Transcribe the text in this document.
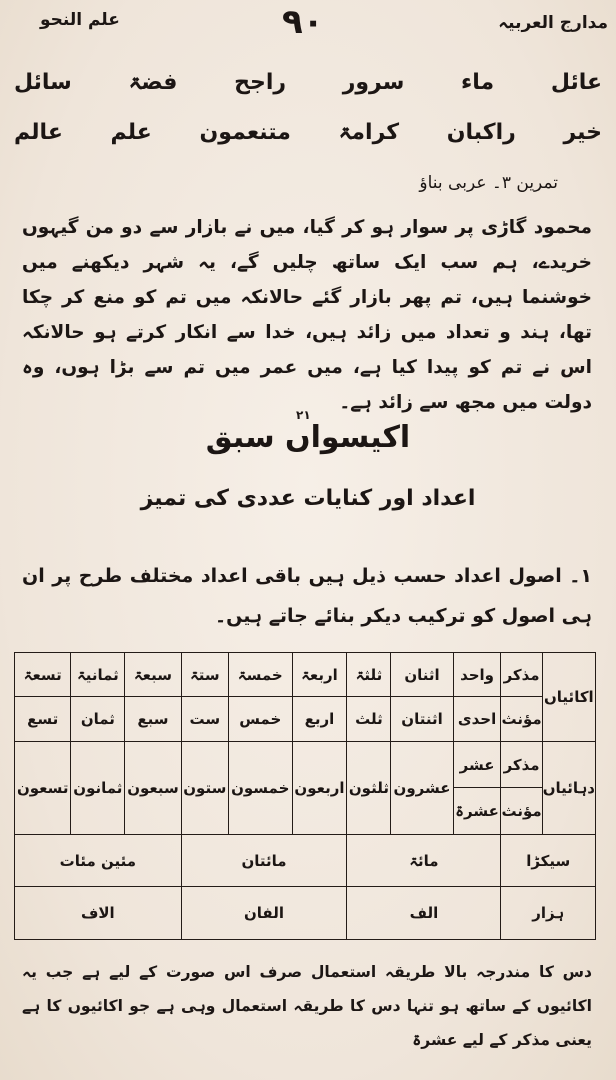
مدارج العربیہ
۹۰
علم النحو
عائل
ماء
سرور
راجح
فضۃ
سائل
خیر
راکبان
کرامۃ
متنعمون
علم
عالم
تمرین ۳۔ عربی بناؤ
محمود گاڑی پر سوار ہو کر گیا، میں نے بازار سے دو من گیہوں خریدے، ہم سب ایک ساتھ چلیں گے، یہ شہر دیکھنے میں خوشنما ہیں، تم پھر بازار گئے حالانکہ میں تم کو منع کر چکا تھا، ہند و تعداد میں زائد ہیں، خدا سے انکار کرتے ہو حالانکہ اس نے تم کو پیدا کیا ہے، میں عمر میں تم سے بڑا ہوں، وہ دولت میں مجھ سے زائد ہے۔
۲۱
اکیسواں سبق
اعداد اور کنایات عددی کی تمیز
۱۔ اصول اعداد حسب ذیل ہیں باقی اعداد مختلف طرح پر ان ہی اصول کو ترکیب دیکر بنائے جاتے ہیں۔
اکائیاں	مذکر	واحد	اثنان	ثلثۃ	اربعۃ	خمسۃ	ستۃ	سبعۃ	ثمانیۃ	تسعۃ
	مؤنث	احدی	اثنتان	ثلث	اربع	خمس	ست	سبع	ثمان	تسع
دہائیاں	مذکر	عشر	عشرون	ثلثون	اربعون	خمسون	ستون	سبعون	ثمانون	تسعون
	مؤنث	عشرۃ								
سیکڑا		مائۃ			مائتان			مئین مئات		
ہزار		الف			الفان			الاف		
دس کا مندرجہ بالا طریقہ استعمال صرف اس صورت کے لیے ہے جب یہ اکائیوں کے ساتھ ہو تنہا دس کا طریقہ استعمال وہی ہے جو اکائیوں کا ہے یعنی مذکر کے لیے عشرۃ
